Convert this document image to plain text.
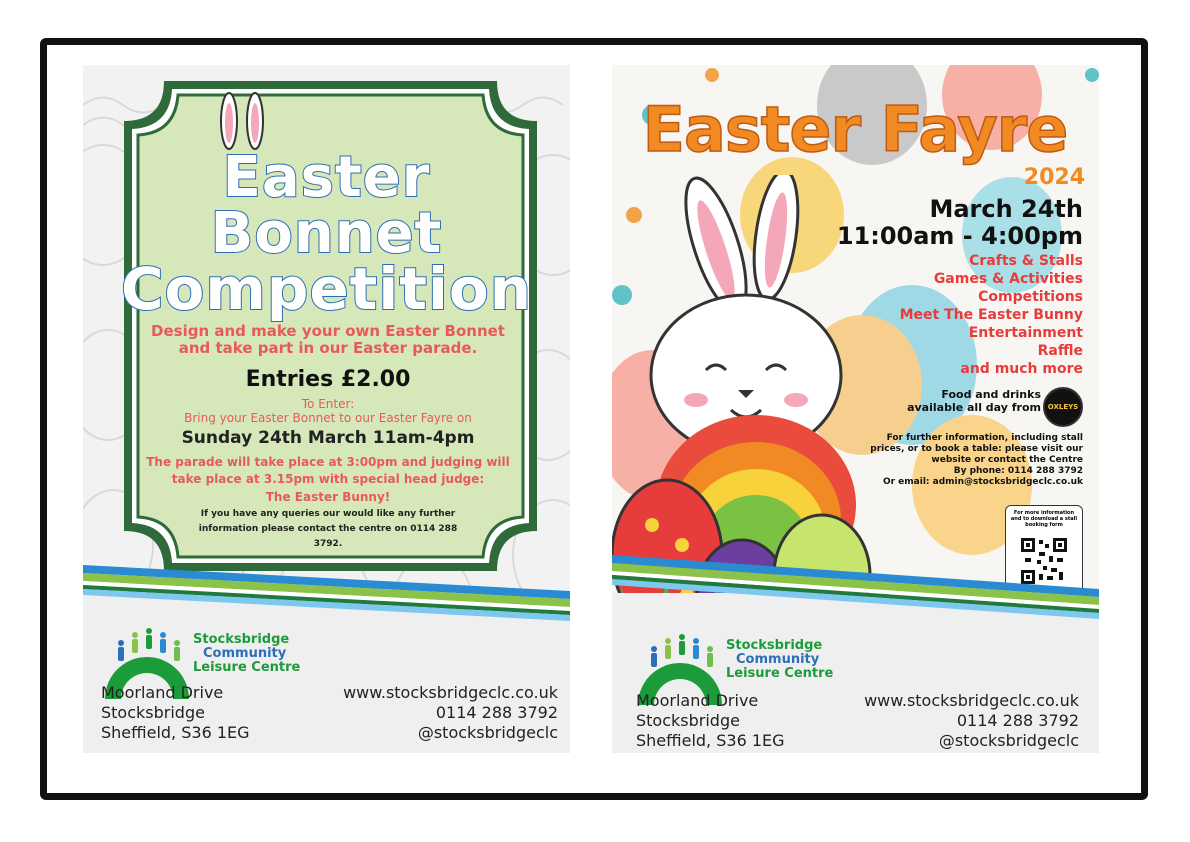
Easter
Bonnet
Competition
Design and make your own Easter Bonnet and take part in our Easter parade.
Entries £2.00
To Enter:
Bring your Easter Bonnet to our Easter Fayre on
Sunday 24th March 11am-4pm
The parade will take place at 3:00pm and judging will take place at 3.15pm with special head judge:
The Easter Bunny!
If you have any queries our would like any further information please contact the centre on 0114 288 3792.
Stocksbridge
Community
Leisure Centre
Moorland Drive
Stocksbridge
Sheffield, S36 1EG
www.stocksbridgeclc.co.uk
0114 288 3792
@stocksbridgeclc
Easter Fayre
2024
March 24th
11:00am - 4:00pm
Crafts & Stalls
Games & Activities
Competitions
Meet The Easter Bunny
Entertainment
Raffle
and much more
Food and drinks
available all day from OXLEYS
For further information, including stall
prices, or to book a table: please visit our
website or contact the Centre
By phone: 0114 288 3792
Or email: admin@stocksbridgeclc.co.uk
For more information and to download a stall booking form
Stocksbridge
Community
Leisure Centre
Moorland Drive
Stocksbridge
Sheffield, S36 1EG
www.stocksbridgeclc.co.uk
0114 288 3792
@stocksbridgeclc
